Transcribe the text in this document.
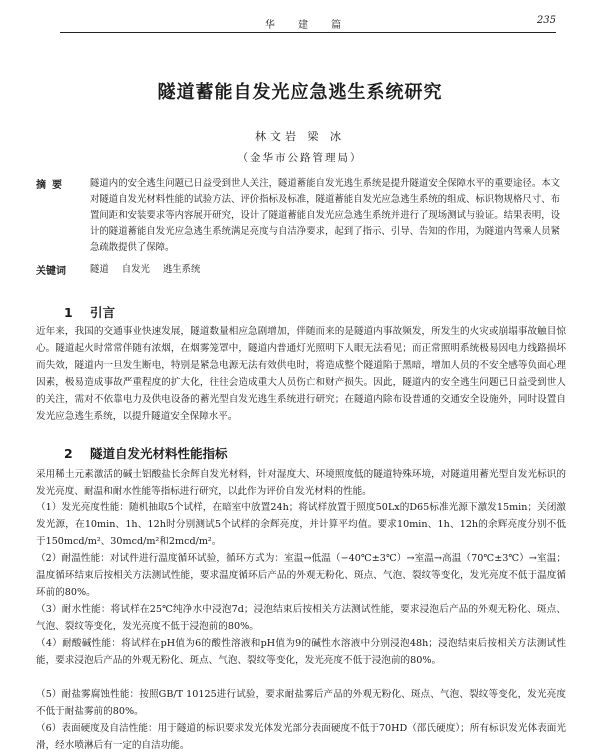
华 建 篇	235
隧道蓄能自发光应急逃生系统研究
林文岩 梁 冰
（金华市公路管理局）
摘要 隧道内的安全逃生问题已日益受到世人关注，隧道蓄能自发光逃生系统是提升隧道安全保障水平的重要途径。本文对隧道自发光材料性能的试验方法、评价指标及标准，隧道蓄能自发光应急逃生系统的组成、标识物规格尺寸、布置间距和安装要求等内容展开研究，设计了隧道蓄能自发光应急逃生系统并进行了现场测试与验证。结果表明，设计的隧道蓄能自发光应急逃生系统满足亮度与自洁净要求，起到了指示、引导、告知的作用，为隧道内驾乘人员紧急疏散提供了保障。

关键词	隧道 自发光 逃生系统
1 引言

近年来，我国的交通事业快速发展，隧道数量相应急剧增加，伴随而来的是隧道内事故频发，所发生的火灾或崩塌事故触目惊心。隧道起火时常常伴随有浓烟，在烟雾笼罩中，隧道内普通灯光照明下人眼无法看见；而正常照明系统极易因电力线路损坏而失效，隧道内一旦发生断电，特别是紧急电源无法有效供电时，将造成整个隧道陷于黑暗，增加人员的不安全感等负面心理因素，极易造成事故严重程度的扩大化，往往会造成重大人员伤亡和财产损失。因此，隧道内的安全逃生问题已日益受到世人的关注，需对不依靠电力及供电设备的蓄光型自发光逃生系统进行研究；在隧道内除布设普通的交通安全设施外，同时设置自发光应急逃生系统，以提升隧道安全保障水平。

2 隧道自发光材料性能指标

采用稀土元素激活的碱土铝酸盐长余辉自发光材料，针对湿度大、环境照度低的隧道特殊环境，对隧道用蓄光型自发光标识的发光亮度、耐温和耐水性能等指标进行研究，以此作为评价自发光材料的性能。

（1）发光亮度性能：随机抽取5个试样，在暗室中放置24h；将试样放置于照度50Lx的D65标准光源下激发15min；关闭激发光源，在10min、1h、12h时分别测试5个试样的余辉亮度，并计算平均值。要求10min、1h、12h的余辉亮度分别不低于150mcd/m²、30mcd/m²和2mcd/m²。

（2）耐温性能：对试件进行温度循环试验，循环方式为：室温→低温（−40℃±3℃）→室温→高温（70℃±3℃）→室温；温度循环结束后按相关方法测试性能，要求温度循环后产品的外观无粉化、斑点、气泡、裂纹等变化，发光亮度不低于温度循环前的80%。

（3）耐水性能：将试样在25℃纯净水中浸泡7d；浸泡结束后按相关方法测试性能，要求浸泡后产品的外观无粉化、斑点、气泡、裂纹等变化，发光亮度不低于浸泡前的80%。

（4）耐酸碱性能：将试样在pH值为6的酸性溶液和pH值为9的碱性水溶液中分别浸泡48h；浸泡结束后按相关方法测试性能，要求浸泡后产品的外观无粉化、斑点、气泡、裂纹等变化，发光亮度不低于浸泡前的80%。

（5）耐盐雾腐蚀性能：按照GB/T 10125进行试验，要求耐盐雾后产品的外观无粉化、斑点、气泡、裂纹等变化，发光亮度不低于耐盐雾前的80%。

（6）表面硬度及自洁性能：用于隧道的标识要求发光体发光部分表面硬度不低于70HD（邵氏硬度）；所有标识发光体表面光滑，经水喷淋后有一定的自洁功能。
